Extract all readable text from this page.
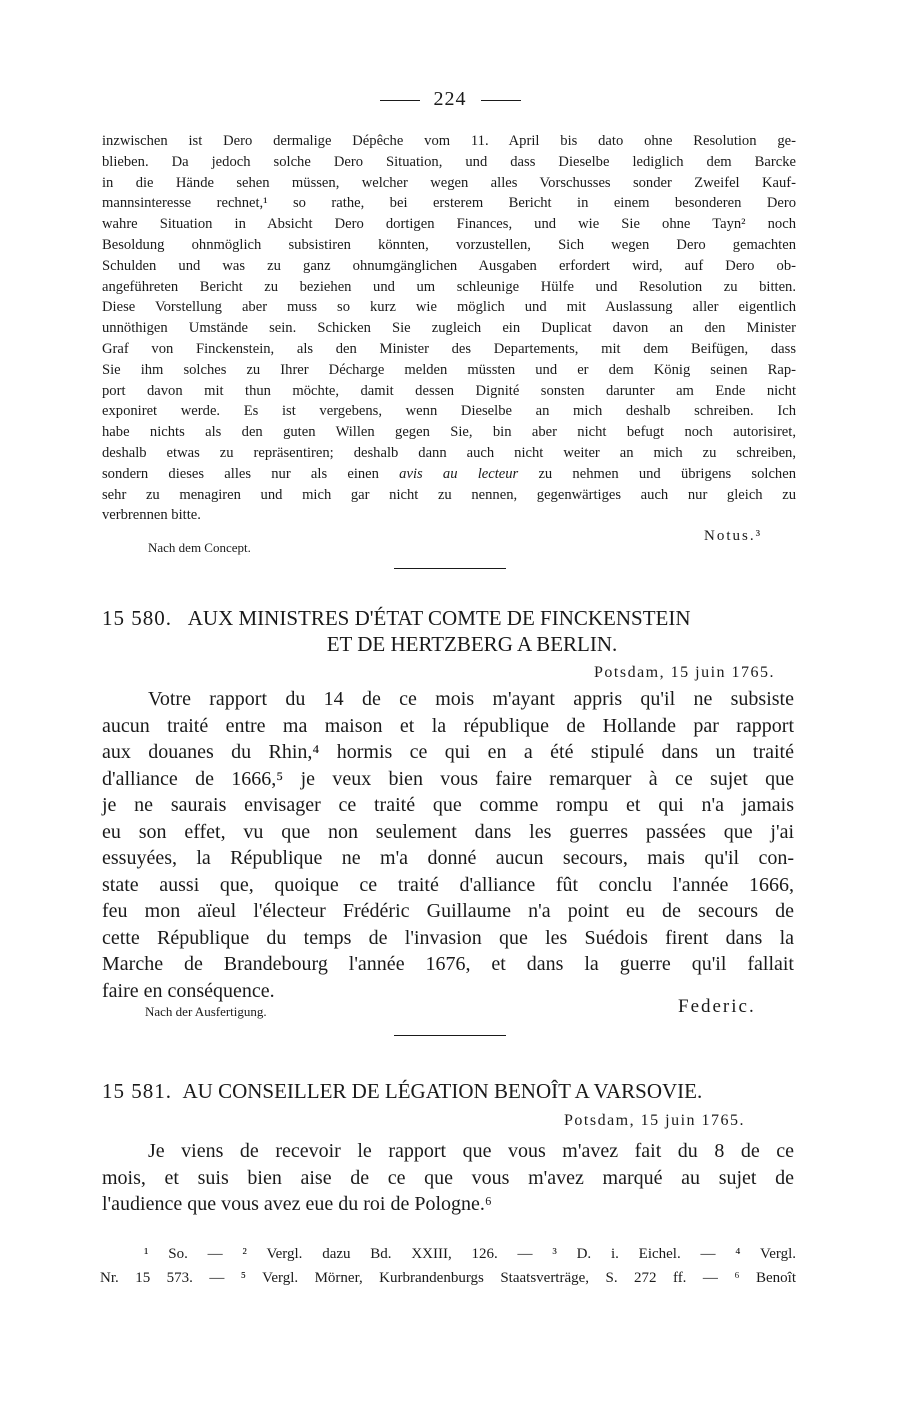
224
inzwischen ist Dero dermalige Dépêche vom 11. April bis dato ohne Resolution ge-
blieben. Da jedoch solche Dero Situation, und dass Dieselbe lediglich dem Barcke
in die Hände sehen müssen, welcher wegen alles Vorschusses sonder Zweifel Kauf-
mannsinteresse rechnet,¹ so rathe, bei ersterem Bericht in einem besonderen Dero
wahre Situation in Absicht Dero dortigen Finances, und wie Sie ohne Tayn² noch
Besoldung ohnmöglich subsistiren könnten, vorzustellen, Sich wegen Dero gemachten
Schulden und was zu ganz ohnumgänglichen Ausgaben erfordert wird, auf Dero ob-
angeführeten Bericht zu beziehen und um schleunige Hülfe und Resolution zu bitten.
Diese Vorstellung aber muss so kurz wie möglich und mit Auslassung aller eigentlich
unnöthigen Umstände sein. Schicken Sie zugleich ein Duplicat davon an den Minister
Graf von Finckenstein, als den Minister des Departements, mit dem Beifügen, dass
Sie ihm solches zu Ihrer Décharge melden müssten und er dem König seinen Rap-
port davon mit thun möchte, damit dessen Dignité sonsten darunter am Ende nicht
exponiret werde. Es ist vergebens, wenn Dieselbe an mich deshalb schreiben. Ich
habe nichts als den guten Willen gegen Sie, bin aber nicht befugt noch autorisiret,
deshalb etwas zu repräsentiren; deshalb dann auch nicht weiter an mich zu schreiben,
sondern dieses alles nur als einen avis au lecteur zu nehmen und übrigens solchen
sehr zu menagiren und mich gar nicht zu nennen, gegenwärtiges auch nur gleich zu
verbrennen bitte.
Nach dem Concept.
Notus.³
15 580. AUX MINISTRES D'ÉTAT COMTE DE FINCKENSTEIN
ET DE HERTZBERG A BERLIN.
Potsdam, 15 juin 1765.
Votre rapport du 14 de ce mois m'ayant appris qu'il ne subsiste
aucun traité entre ma maison et la république de Hollande par rapport
aux douanes du Rhin,⁴ hormis ce qui en a été stipulé dans un traité
d'alliance de 1666,⁵ je veux bien vous faire remarquer à ce sujet que
je ne saurais envisager ce traité que comme rompu et qui n'a jamais
eu son effet, vu que non seulement dans les guerres passées que j'ai
essuyées, la République ne m'a donné aucun secours, mais qu'il con-
state aussi que, quoique ce traité d'alliance fût conclu l'année 1666,
feu mon aïeul l'électeur Frédéric Guillaume n'a point eu de secours de
cette République du temps de l'invasion que les Suédois firent dans la
Marche de Brandebourg l'année 1676, et dans la guerre qu'il fallait
faire en conséquence.
Nach der Ausfertigung.	Federic.
15 581. AU CONSEILLER DE LÉGATION BENOÎT A VARSOVIE.
Potsdam, 15 juin 1765.
Je viens de recevoir le rapport que vous m'avez fait du 8 de ce
mois, et suis bien aise de ce que vous m'avez marqué au sujet de
l'audience que vous avez eue du roi de Pologne.⁶
¹ So. — ² Vergl. dazu Bd. XXIII, 126. — ³ D. i. Eichel. — ⁴ Vergl.
Nr. 15 573. — ⁵ Vergl. Mörner, Kurbrandenburgs Staatsverträge, S. 272 ff. — ⁶ Benoît
